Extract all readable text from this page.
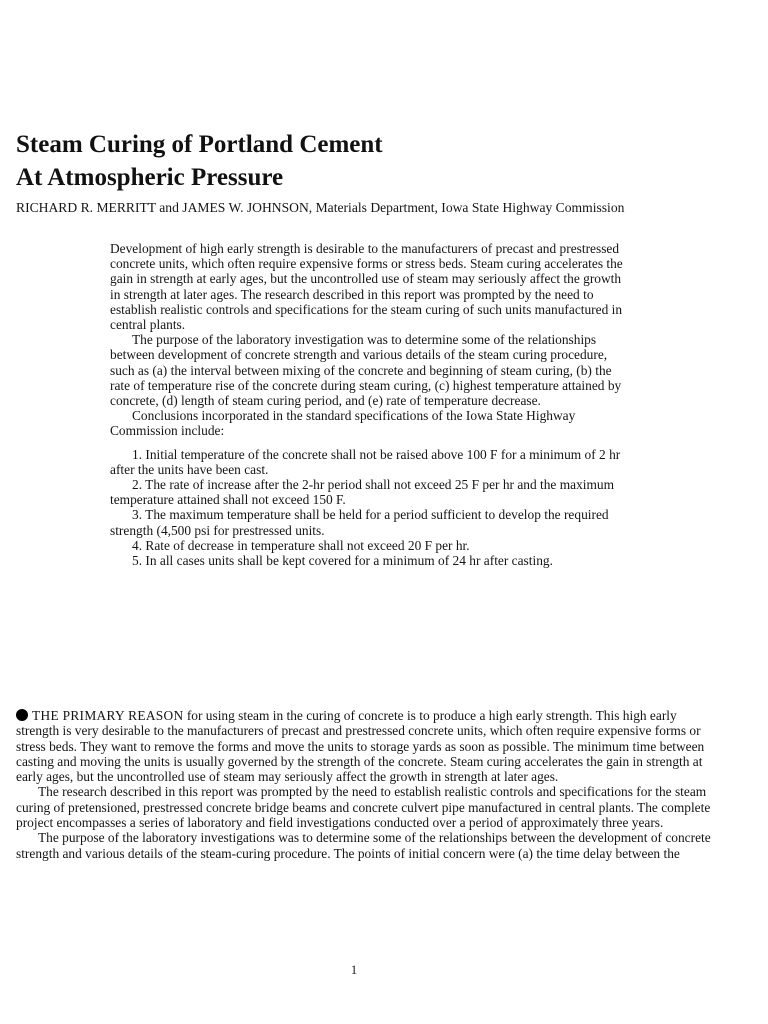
Steam Curing of Portland Cement
At Atmospheric Pressure
RICHARD R. MERRITT and JAMES W. JOHNSON, Materials Department, Iowa State Highway Commission

Development of high early strength is desirable to the manufacturers of precast and prestressed concrete units, which often require expensive forms or stress beds. Steam curing accelerates the gain in strength at early ages, but the uncontrolled use of steam may seriously affect the growth in strength at later ages. The research described in this report was prompted by the need to establish realistic controls and specifications for the steam curing of such units manufactured in central plants.

The purpose of the laboratory investigation was to determine some of the relationships between development of concrete strength and various details of the steam curing procedure, such as (a) the interval between mixing of the concrete and beginning of steam curing, (b) the rate of temperature rise of the concrete during steam curing, (c) highest temperature attained by concrete, (d) length of steam curing period, and (e) rate of temperature decrease.

Conclusions incorporated in the standard specifications of the Iowa State Highway Commission include:

1. Initial temperature of the concrete shall not be raised above 100 F for a minimum of 2 hr after the units have been cast.

2. The rate of increase after the 2-hr period shall not exceed 25 F per hr and the maximum temperature attained shall not exceed 150 F.

3. The maximum temperature shall be held for a period sufficient to develop the required strength (4,500 psi for prestressed units.

4. Rate of decrease in temperature shall not exceed 20 F per hr.

5. In all cases units shall be kept covered for a minimum of 24 hr after casting.

THE PRIMARY REASON for using steam in the curing of concrete is to produce a high early strength. This high early strength is very desirable to the manufacturers of precast and prestressed concrete units, which often require expensive forms or stress beds. They want to remove the forms and move the units to storage yards as soon as possible. The minimum time between casting and moving the units is usually governed by the strength of the concrete. Steam curing accelerates the gain in strength at early ages, but the uncontrolled use of steam may seriously affect the growth in strength at later ages.

The research described in this report was prompted by the need to establish realistic controls and specifications for the steam curing of pretensioned, prestressed concrete bridge beams and concrete culvert pipe manufactured in central plants. The complete project encompasses a series of laboratory and field investigations conducted over a period of approximately three years.

The purpose of the laboratory investigations was to determine some of the relationships between the development of concrete strength and various details of the steam-curing procedure. The points of initial concern were (a) the time delay between the

1
